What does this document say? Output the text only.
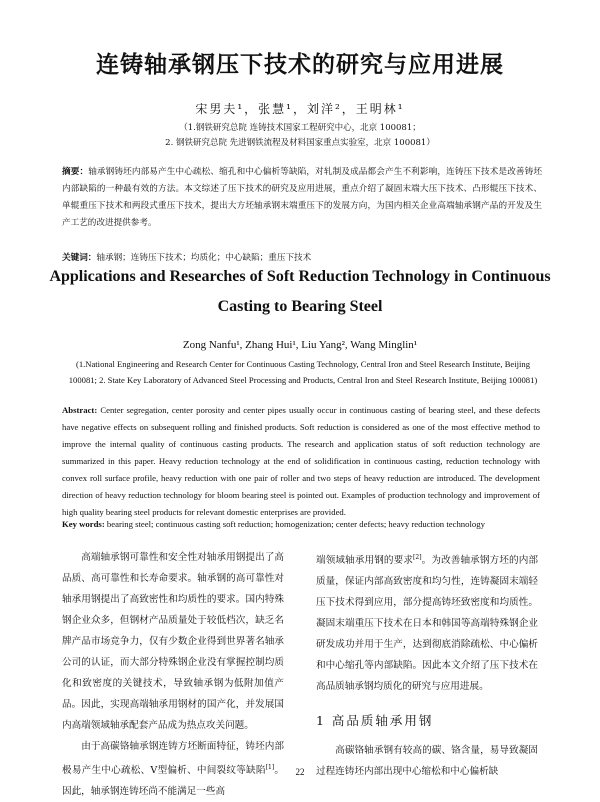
连铸轴承钢压下技术的研究与应用进展
宋男夫¹，张慧¹，刘洋²，王明林¹
（1.钢铁研究总院 连铸技术国家工程研究中心，北京 100081；
2. 钢铁研究总院 先进钢铁流程及材料国家重点实验室，北京 100081）
摘要：轴承钢铸坯内部易产生中心疏松、缩孔和中心偏析等缺陷，对轧制及成品都会产生不利影响，连铸压下技术是改善铸坯内部缺陷的一种最有效的方法。本文综述了压下技术的研究及应用进展，重点介绍了凝固末端大压下技术、凸形辊压下技术、单辊重压下技术和两段式重压下技术，提出大方坯轴承钢末端重压下的发展方向，为国内相关企业高端轴承钢产品的开发及生产工艺的改进提供参考。
关键词：轴承钢；连铸压下技术；均质化；中心缺陷；重压下技术
Applications and Researches of Soft Reduction Technology in Continuous
Casting to Bearing Steel
Zong Nanfu¹, Zhang Hui¹, Liu Yang², Wang Minglin¹
(1.National Engineering and Research Center for Continuous Casting Technology, Central Iron and Steel Research Institute, Beijing 100081; 2. State Key Laboratory of Advanced Steel Processing and Products, Central Iron and Steel Research Institute, Beijing 100081)
Abstract: Center segregation, center porosity and center pipes usually occur in continuous casting of bearing steel, and these defects have negative effects on subsequent rolling and finished products. Soft reduction is considered as one of the most effective method to improve the internal quality of continuous casting products. The research and application status of soft reduction technology are summarized in this paper. Heavy reduction technology at the end of solidification in continuous casting, reduction technology with convex roll surface profile, heavy reduction with one pair of roller and two steps of heavy reduction are introduced. The development direction of heavy reduction technology for bloom bearing steel is pointed out. Examples of production technology and improvement of high quality bearing steel products for relevant domestic enterprises are provided.
Key words: bearing steel; continuous casting soft reduction; homogenization; center defects; heavy reduction technology

高端轴承钢可靠性和安全性对轴承用钢提出了高品质、高可靠性和长寿命要求。轴承钢的高可靠性对轴承用钢提出了高致密性和均质性的要求。国内特殊钢企业众多，但钢材产品质量处于较低档次，缺乏名牌产品市场竞争力，仅有少数企业得到世界著名轴承公司的认证，而大部分特殊钢企业没有掌握控制均质化和致密度的关键技术，导致轴承钢为低附加值产品。因此，实现高端轴承用钢材的国产化，并发展国内高端领域轴承配套产品成为热点攻关问题。

由于高碳铬轴承钢连铸方坯断面特征，铸坯内部极易产生中心疏松、V型偏析、中间裂纹等缺陷[1]。因此，轴承钢连铸坯尚不能满足一些高

端领域轴承用钢的要求[2]。为改善轴承钢方坯的内部质量，保证内部高致密度和均匀性，连铸凝固末端轻压下技术得到应用，部分提高铸坯致密度和均质性。凝固末端重压下技术在日本和韩国等高端特殊钢企业研发成功并用于生产，达到彻底消除疏松、中心偏析和中心缩孔等内部缺陷。因此本文介绍了压下技术在高品质轴承钢均质化的研究与应用进展。

1 高品质轴承用钢

高碳铬轴承钢有较高的碳、铬含量，易导致凝固过程连铸坯内部出现中心缩松和中心偏析缺

22
